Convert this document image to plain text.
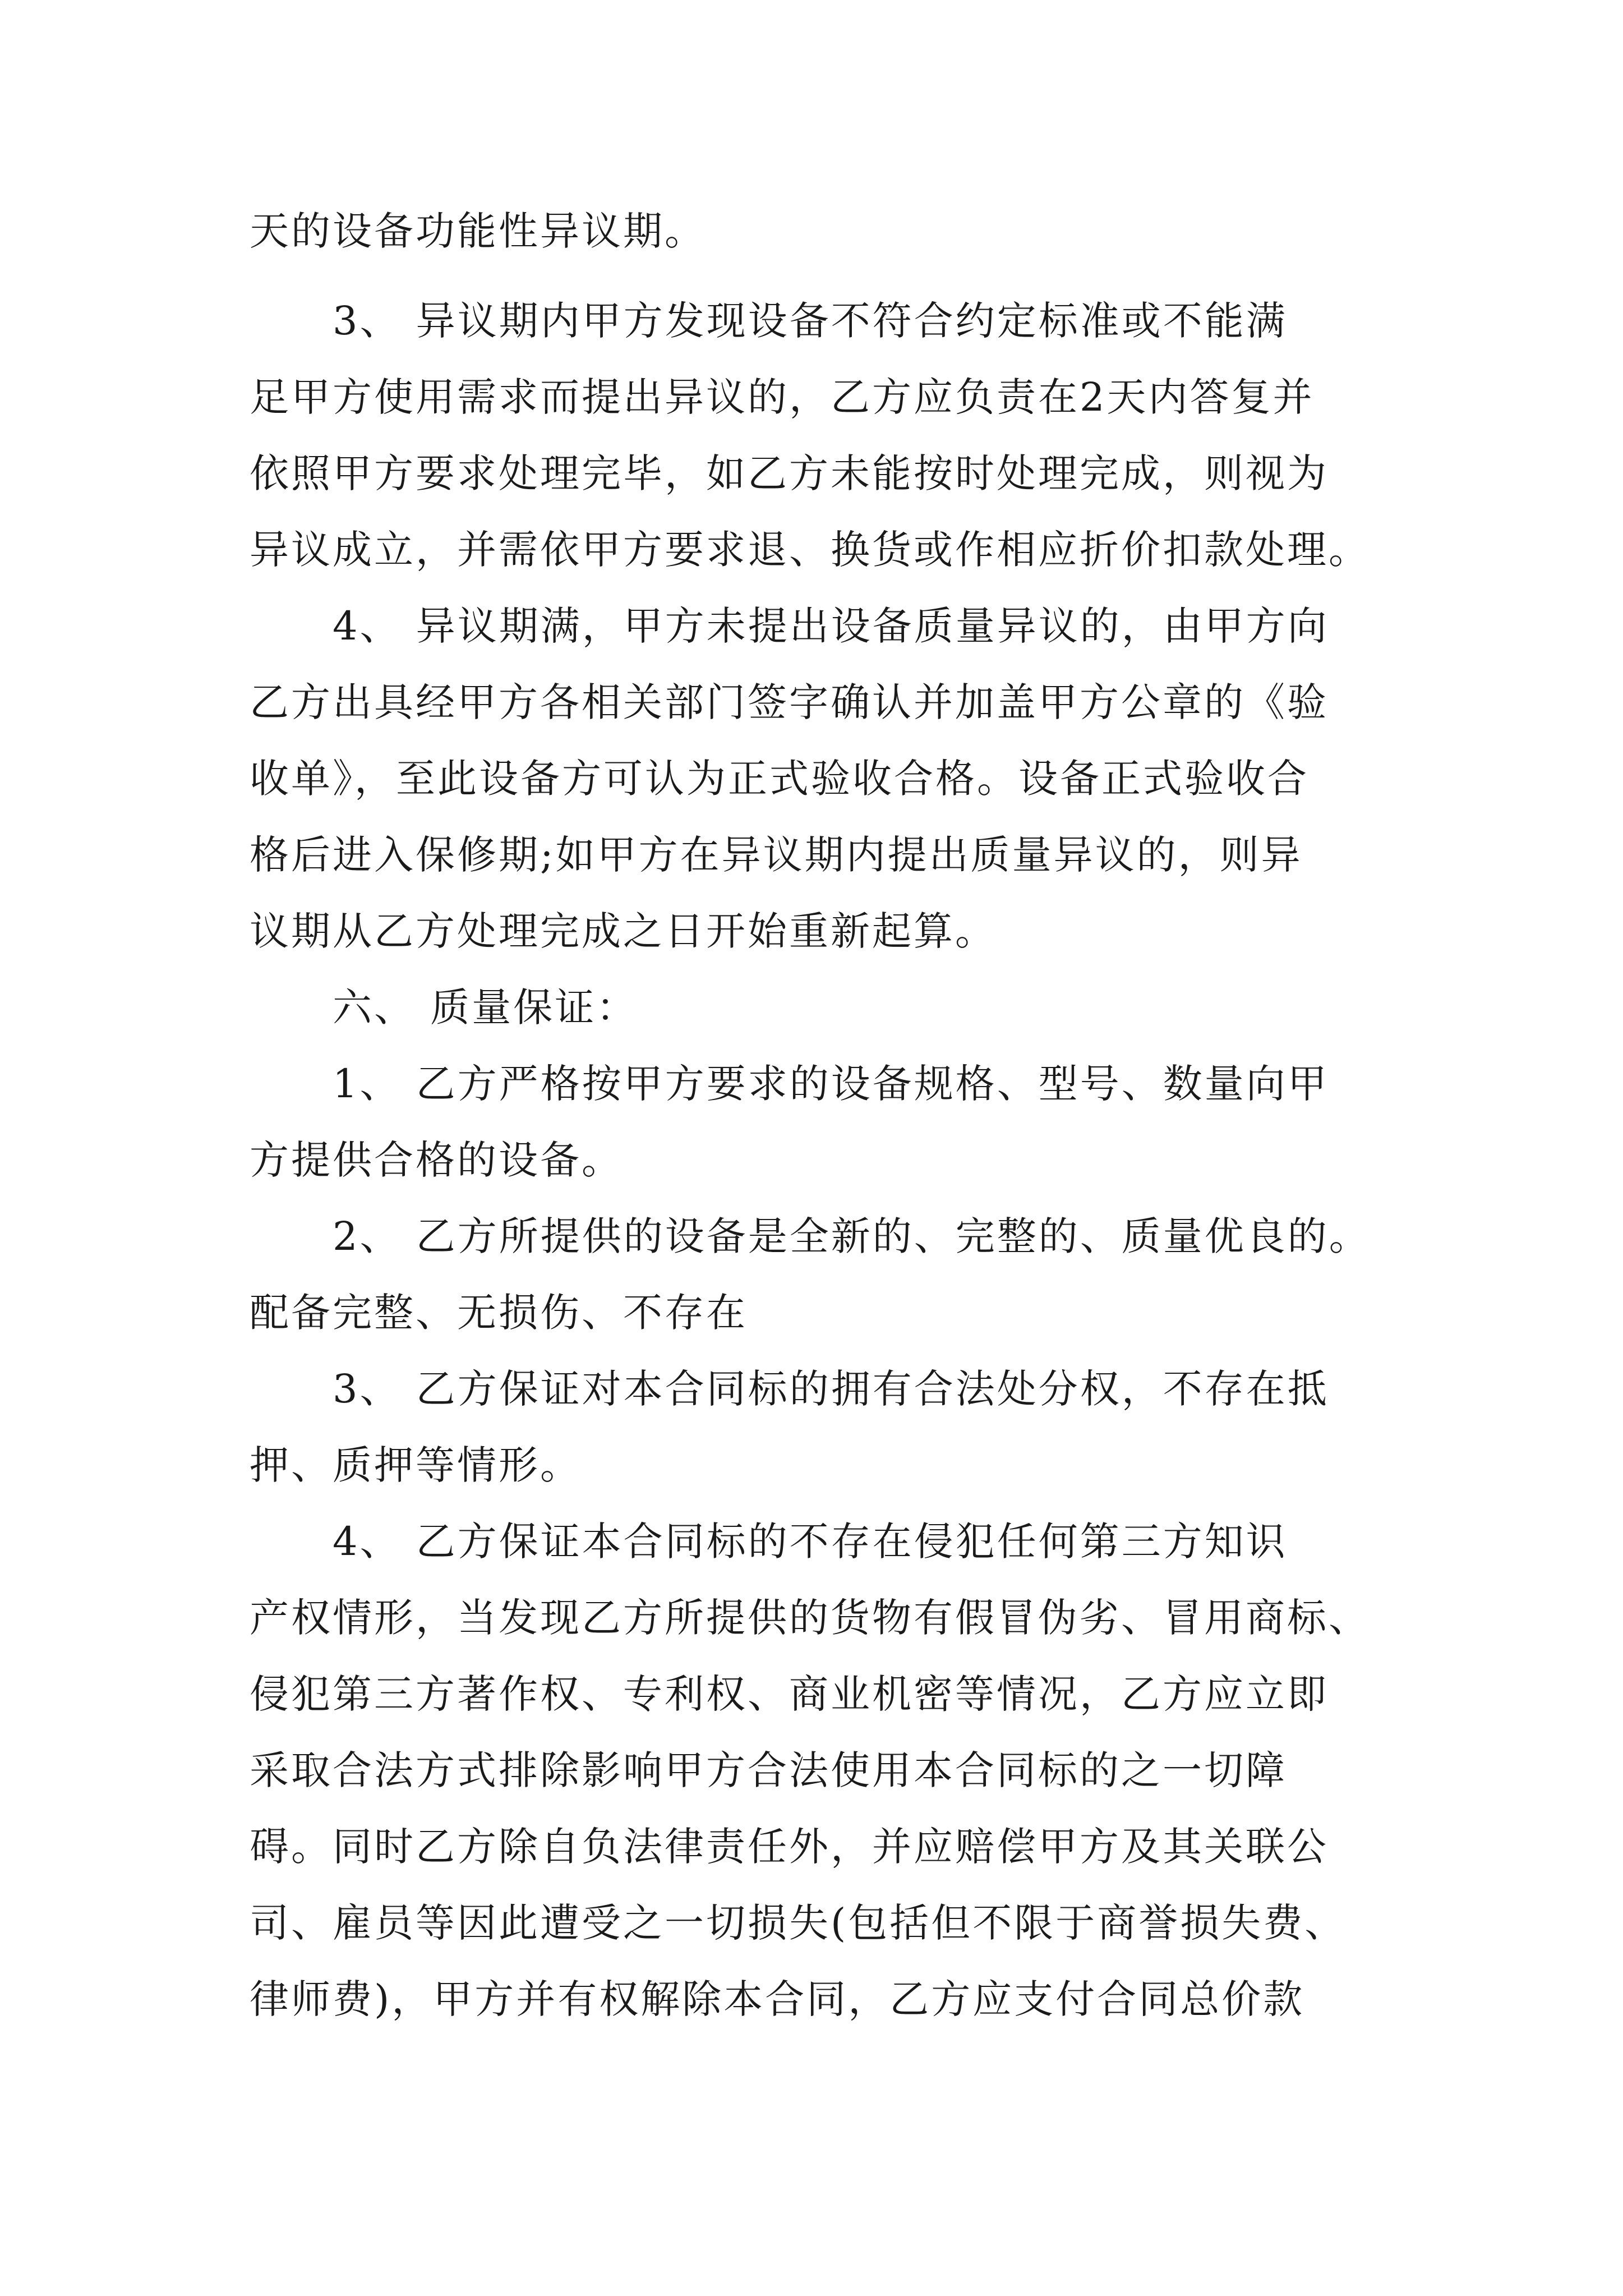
天的设备功能性异议期。
3、 异议期内甲方发现设备不符合约定标准或不能满
足甲方使用需求而提出异议的，乙方应负责在2天内答复并
依照甲方要求处理完毕，如乙方未能按时处理完成，则视为
异议成立，并需依甲方要求退、换货或作相应折价扣款处理。
4、 异议期满，甲方未提出设备质量异议的，由甲方向
乙方出具经甲方各相关部门签字确认并加盖甲方公章的《验
收单》，至此设备方可认为正式验收合格。设备正式验收合
格后进入保修期;如甲方在异议期内提出质量异议的，则异
议期从乙方处理完成之日开始重新起算。
六、 质量保证：
1、 乙方严格按甲方要求的设备规格、型号、数量向甲
方提供合格的设备。
2、 乙方所提供的设备是全新的、完整的、质量优良的。
配备完整、无损伤、不存在
3、 乙方保证对本合同标的拥有合法处分权，不存在抵
押、质押等情形。
4、 乙方保证本合同标的不存在侵犯任何第三方知识
产权情形，当发现乙方所提供的货物有假冒伪劣、冒用商标、
侵犯第三方著作权、专利权、商业机密等情况，乙方应立即
采取合法方式排除影响甲方合法使用本合同标的之一切障
碍。同时乙方除自负法律责任外，并应赔偿甲方及其关联公
司、雇员等因此遭受之一切损失(包括但不限于商誉损失费、
律师费)，甲方并有权解除本合同，乙方应支付合同总价款
